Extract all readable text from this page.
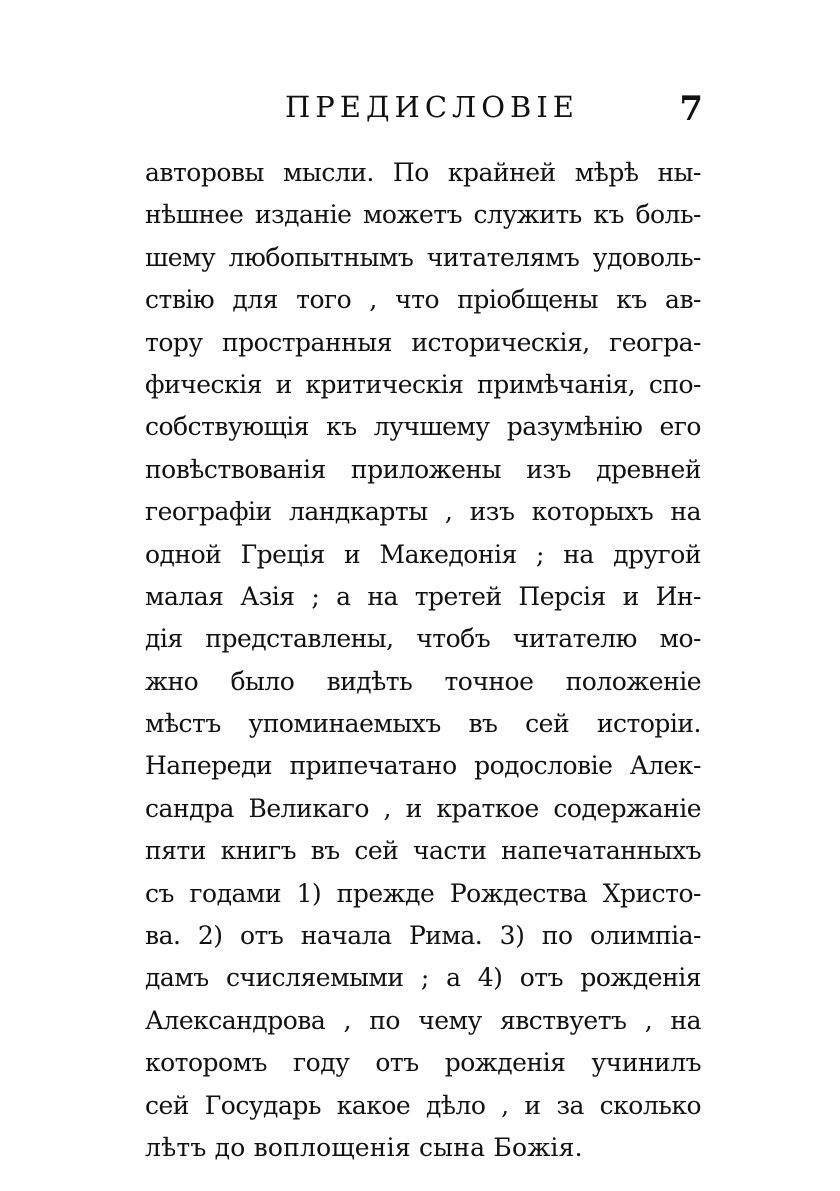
ПРЕДИСЛОВІЕ	7
авторовы мысли. По крайней мѣрѣ ны-
нѣшнее изданіе можетъ служить къ боль-
шему любопытнымъ читателямъ удоволь-
ствію для того , что пріобщены къ ав-
тору пространныя историческія, геогра-
фическія и критическія примѣчанія, спо-
собствующія къ лучшему разумѣнію его
повѣствованія приложены изъ древней
географіи ландкарты , изъ которыхъ на
одной Грецiя и Македонія ; на другой
малая Азія ; а на третей Персія и Ин-
дія представлены, чтобъ читателю мо-
жно было видѣть точное положеніе
мѣстъ упоминаемыхъ въ сей исторіи.
Напереди припечатано родословіе Алек-
сандра Великаго , и краткое содержаніе
пяти книгъ въ сей части напечатанныхъ
съ годами 1) прежде Рождества Христо-
ва. 2) отъ начала Рима. 3) по олимпіа-
дамъ счисляемыми ; а 4) отъ рожденія
Александрова , по чему явствуетъ , на
которомъ году отъ рожденія учинилъ
сей Государь какое дѣло , и за сколько
лѣтъ до воплощенія сына Божія.
